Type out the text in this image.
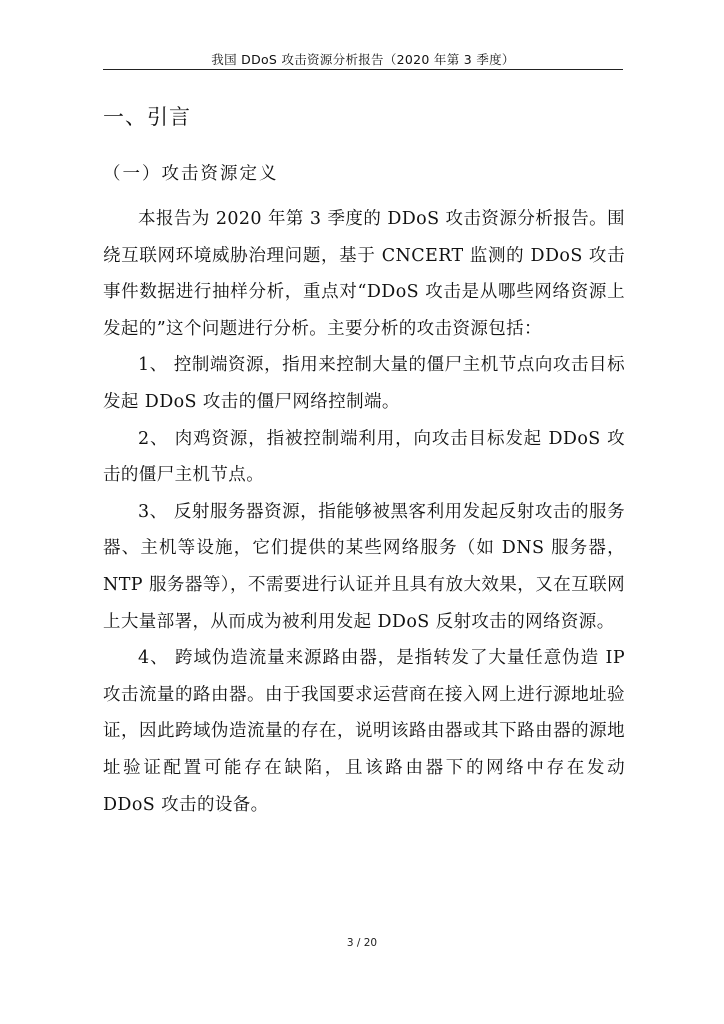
我国 DDoS 攻击资源分析报告（2020 年第 3 季度）
一、引言
（一）攻击资源定义

本报告为 2020 年第 3 季度的 DDoS 攻击资源分析报告。围绕互联网环境威胁治理问题，基于 CNCERT 监测的 DDoS 攻击事件数据进行抽样分析，重点对“DDoS 攻击是从哪些网络资源上发起的”这个问题进行分析。主要分析的攻击资源包括：

1、 控制端资源，指用来控制大量的僵尸主机节点向攻击目标发起 DDoS 攻击的僵尸网络控制端。

2、 肉鸡资源，指被控制端利用，向攻击目标发起 DDoS 攻击的僵尸主机节点。

3、 反射服务器资源，指能够被黑客利用发起反射攻击的服务器、主机等设施，它们提供的某些网络服务（如 DNS 服务器，NTP 服务器等），不需要进行认证并且具有放大效果，又在互联网上大量部署，从而成为被利用发起 DDoS 反射攻击的网络资源。

4、 跨域伪造流量来源路由器，是指转发了大量任意伪造 IP 攻击流量的路由器。由于我国要求运营商在接入网上进行源地址验证，因此跨域伪造流量的存在，说明该路由器或其下路由器的源地址验证配置可能存在缺陷，且该路由器下的网络中存在发动 DDoS 攻击的设备。

3 / 20
